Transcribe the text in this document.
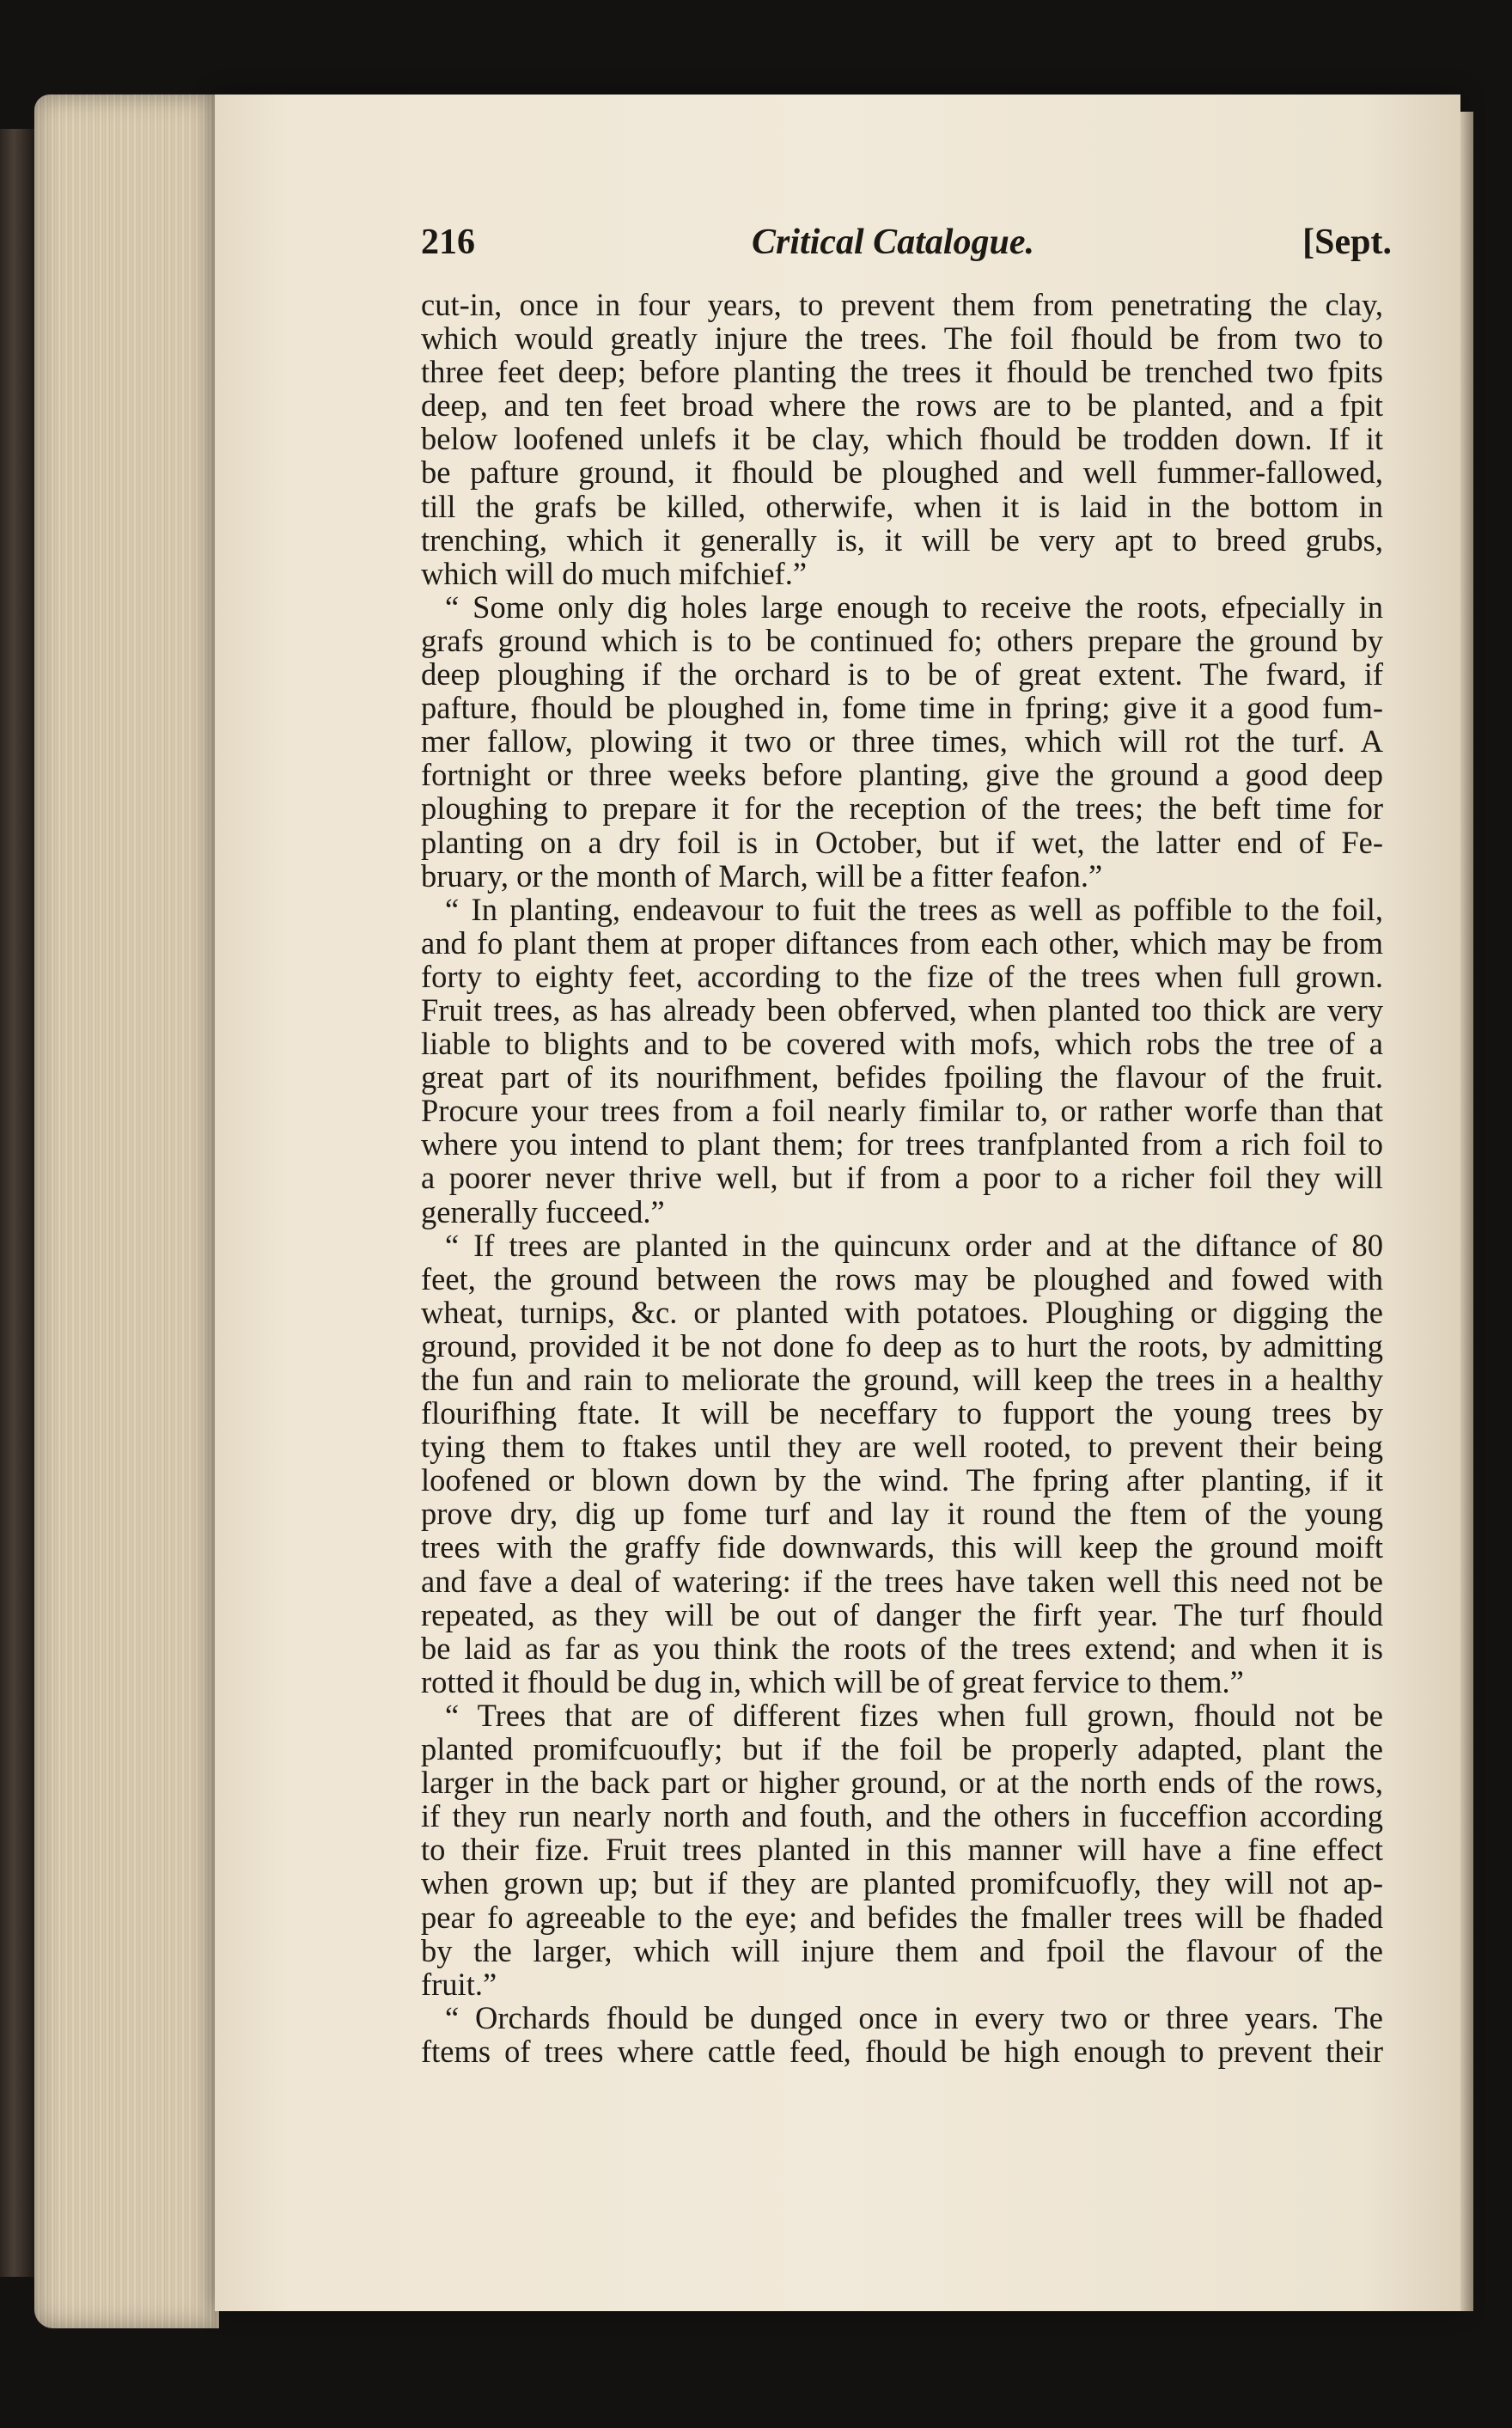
216	Critical Catalogue.	[Sept.
cut-in, once in four years, to prevent them from penetrating the clay,
which would greatly injure the trees. The foil fhould be from two to
three feet deep; before planting the trees it fhould be trenched two fpits
deep, and ten feet broad where the rows are to be planted, and a fpit
below loofened unlefs it be clay, which fhould be trodden down. If it
be pafture ground, it fhould be ploughed and well fummer-fallowed,
till the grafs be killed, otherwife, when it is laid in the bottom in
trenching, which it generally is, it will be very apt to breed grubs,
which will do much mifchief.”
“ Some only dig holes large enough to receive the roots, efpecially in
grafs ground which is to be continued fo; others prepare the ground by
deep ploughing if the orchard is to be of great extent. The fward, if
pafture, fhould be ploughed in, fome time in fpring; give it a good fum-
mer fallow, plowing it two or three times, which will rot the turf. A
fortnight or three weeks before planting, give the ground a good deep
ploughing to prepare it for the reception of the trees; the beft time for
planting on a dry foil is in October, but if wet, the latter end of Fe-
bruary, or the month of March, will be a fitter feafon.”
“ In planting, endeavour to fuit the trees as well as poffible to the foil,
and fo plant them at proper diftances from each other, which may be from
forty to eighty feet, according to the fize of the trees when full grown.
Fruit trees, as has already been obferved, when planted too thick are very
liable to blights and to be covered with mofs, which robs the tree of a
great part of its nourifhment, befides fpoiling the flavour of the fruit.
Procure your trees from a foil nearly fimilar to, or rather worfe than that
where you intend to plant them; for trees tranfplanted from a rich foil to
a poorer never thrive well, but if from a poor to a richer foil they will
generally fucceed.”
“ If trees are planted in the quincunx order and at the diftance of 80
feet, the ground between the rows may be ploughed and fowed with
wheat, turnips, &c. or planted with potatoes. Ploughing or digging the
ground, provided it be not done fo deep as to hurt the roots, by admitting
the fun and rain to meliorate the ground, will keep the trees in a healthy
flourifhing ftate. It will be neceffary to fupport the young trees by
tying them to ftakes until they are well rooted, to prevent their being
loofened or blown down by the wind. The fpring after planting, if it
prove dry, dig up fome turf and lay it round the ftem of the young
trees with the graffy fide downwards, this will keep the ground moift
and fave a deal of watering: if the trees have taken well this need not be
repeated, as they will be out of danger the firft year. The turf fhould
be laid as far as you think the roots of the trees extend; and when it is
rotted it fhould be dug in, which will be of great fervice to them.”
“ Trees that are of different fizes when full grown, fhould not be
planted promifcuoufly; but if the foil be properly adapted, plant the
larger in the back part or higher ground, or at the north ends of the rows,
if they run nearly north and fouth, and the others in fucceffion according
to their fize. Fruit trees planted in this manner will have a fine effect
when grown up; but if they are planted promifcuofly, they will not ap-
pear fo agreeable to the eye; and befides the fmaller trees will be fhaded
by the larger, which will injure them and fpoil the flavour of the
fruit.”
“ Orchards fhould be dunged once in every two or three years. The
ftems of trees where cattle feed, fhould be high enough to prevent their
